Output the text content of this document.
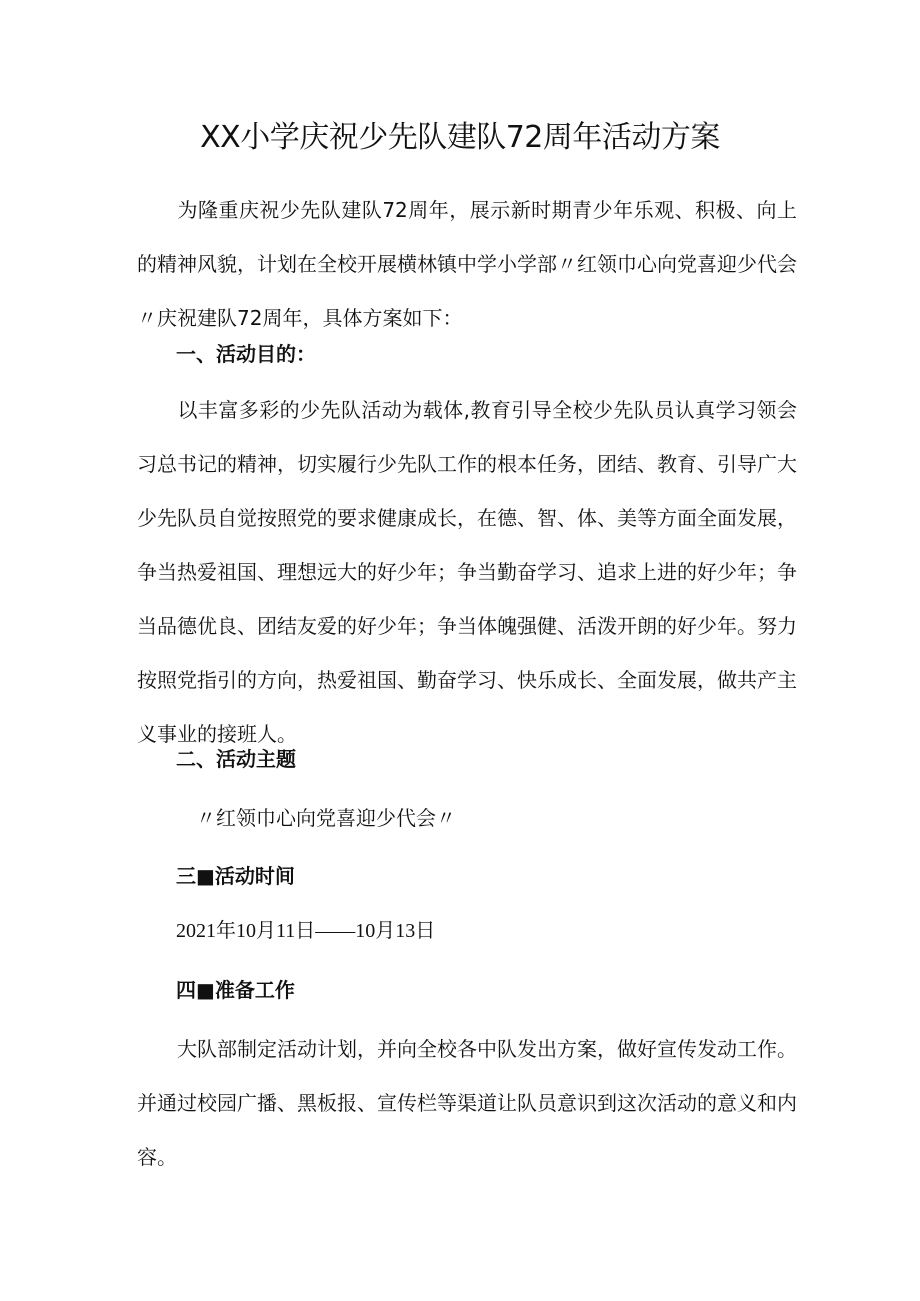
XX小学庆祝少先队建队72周年活动方案

为隆重庆祝少先队建队72周年，展示新时期青少年乐观、积极、向上的精神风貌，计划在全校开展横林镇中学小学部〃红领巾心向党喜迎少代会〃庆祝建队72周年，具体方案如下：

一、活动目的：

以丰富多彩的少先队活动为载体,教育引导全校少先队员认真学习领会习总书记的精神，切实履行少先队工作的根本任务，团结、教育、引导广大少先队员自觉按照党的要求健康成长，在德、智、体、美等方面全面发展，争当热爱祖国、理想远大的好少年；争当勤奋学习、追求上进的好少年；争当品德优良、团结友爱的好少年；争当体魄强健、活泼开朗的好少年。努力按照党指引的方向，热爱祖国、勤奋学习、快乐成长、全面发展，做共产主义事业的接班人。

二、活动主题

〃红领巾心向党喜迎少代会〃

三■活动时间

2021年10月11日——10月13日

四■准备工作

大队部制定活动计划，并向全校各中队发出方案，做好宣传发动工作。并通过校园广播、黑板报、宣传栏等渠道让队员意识到这次活动的意义和内容。
